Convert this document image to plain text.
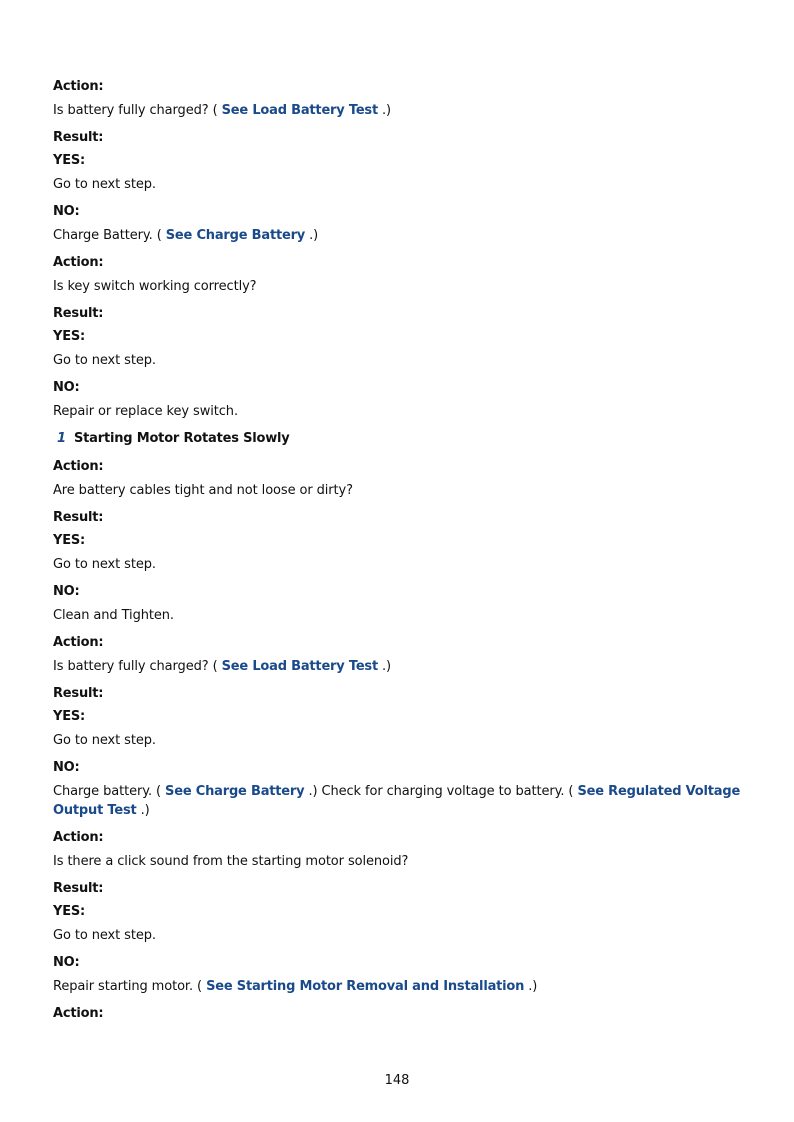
Action:
Is battery fully charged? ( See Load Battery Test .)
Result:
YES:
Go to next step.
NO:
Charge Battery. ( See Charge Battery .)
Action:
Is key switch working correctly?
Result:
YES:
Go to next step.
NO:
Repair or replace key switch.
1 Starting Motor Rotates Slowly
Action:
Are battery cables tight and not loose or dirty?
Result:
YES:
Go to next step.
NO:
Clean and Tighten.
Action:
Is battery fully charged? ( See Load Battery Test .)
Result:
YES:
Go to next step.
NO:
Charge battery. ( See Charge Battery .) Check for charging voltage to battery. ( See Regulated Voltage Output Test .)
Action:
Is there a click sound from the starting motor solenoid?
Result:
YES:
Go to next step.
NO:
Repair starting motor. ( See Starting Motor Removal and Installation .)
Action:
148
